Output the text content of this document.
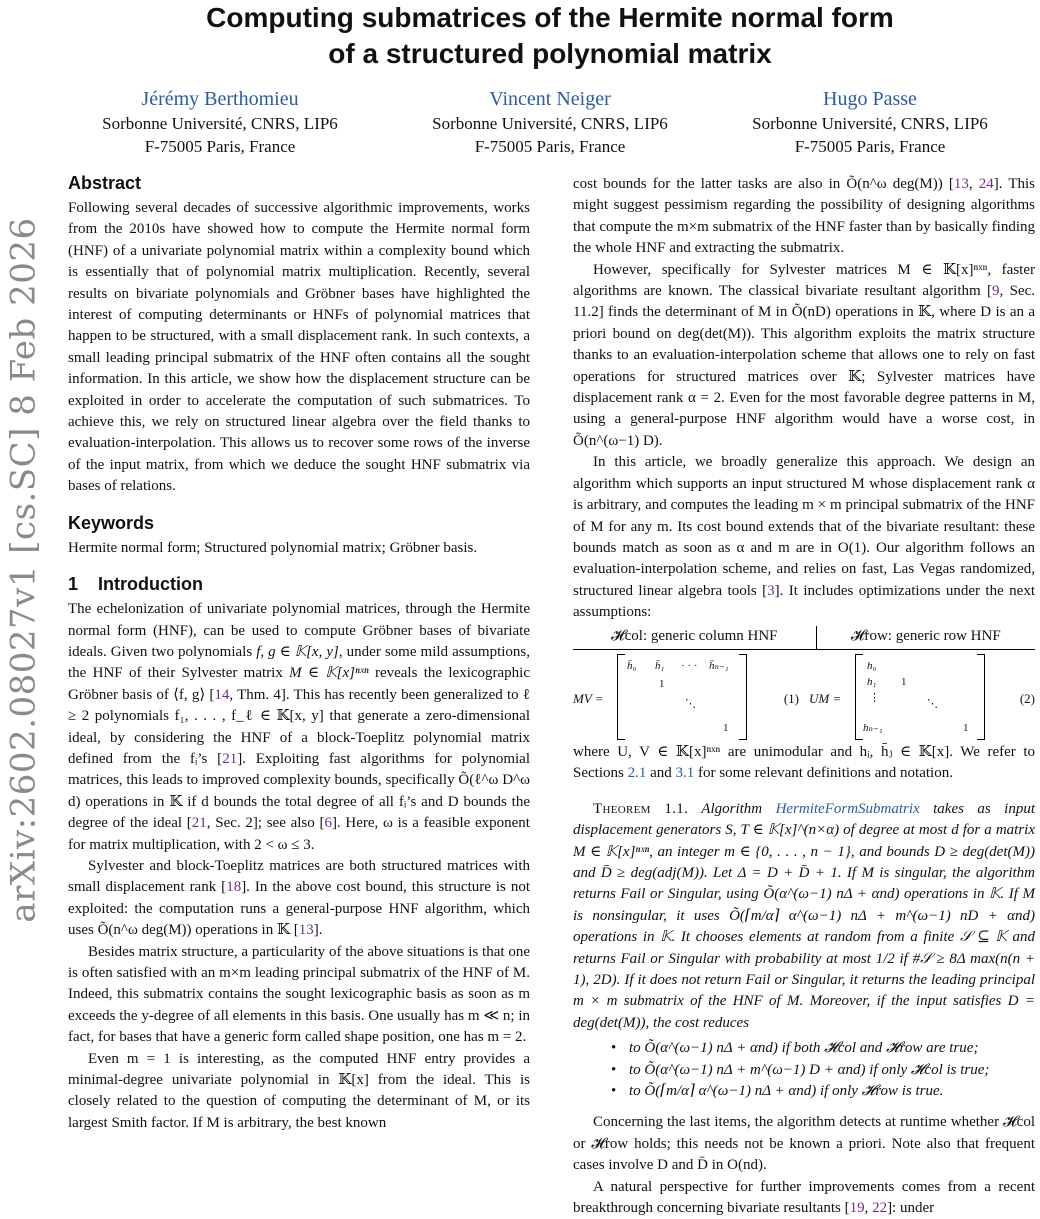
arXiv:2602.08027v1 [cs.SC] 8 Feb 2026
Computing submatrices of the Hermite normal form
of a structured polynomial matrix
Jérémy Berthomieu
Sorbonne Université, CNRS, LIP6
F-75005 Paris, France
Vincent Neiger
Sorbonne Université, CNRS, LIP6
F-75005 Paris, France
Hugo Passe
Sorbonne Université, CNRS, LIP6
F-75005 Paris, France
Abstract

Following several decades of successive algorithmic improvements, works from the 2010s have showed how to compute the Hermite normal form (HNF) of a univariate polynomial matrix within a complexity bound which is essentially that of polynomial matrix multiplication. Recently, several results on bivariate polynomials and Gröbner bases have highlighted the interest of computing determinants or HNFs of polynomial matrices that happen to be structured, with a small displacement rank. In such contexts, a small leading principal submatrix of the HNF often contains all the sought information. In this article, we show how the displacement structure can be exploited in order to accelerate the computation of such submatrices. To achieve this, we rely on structured linear algebra over the field thanks to evaluation-interpolation. This allows us to recover some rows of the inverse of the input matrix, from which we deduce the sought HNF submatrix via bases of relations.

Keywords

Hermite normal form; Structured polynomial matrix; Gröbner basis.

1    Introduction

The echelonization of univariate polynomial matrices, through the Hermite normal form (HNF), can be used to compute Gröbner bases of bivariate ideals. Given two polynomials f, g ∈ 𝕂[x, y], under some mild assumptions, the HNF of their Sylvester matrix M ∈ 𝕂[x]ⁿˣⁿ reveals the lexicographic Gröbner basis of ⟨f, g⟩ [14, Thm. 4]. This has recently been generalized to ℓ ≥ 2 polynomials f₁, . . . , f_ℓ ∈ 𝕂[x, y] that generate a zero-dimensional ideal, by considering the HNF of a block-Toeplitz polynomial matrix defined from the fᵢ’s [21]. Exploiting fast algorithms for polynomial matrices, this leads to improved complexity bounds, specifically Õ(ℓ^ω D^ω d) operations in 𝕂 if d bounds the total degree of all fᵢ’s and D bounds the degree of the ideal [21, Sec. 2]; see also [6]. Here, ω is a feasible exponent for matrix multiplication, with 2 < ω ≤ 3.

Sylvester and block-Toeplitz matrices are both structured matrices with small displacement rank [18]. In the above cost bound, this structure is not exploited: the computation runs a general-purpose HNF algorithm, which uses Õ(n^ω deg(M)) operations in 𝕂 [13].

Besides matrix structure, a particularity of the above situations is that one is often satisfied with an m×m leading principal submatrix of the HNF of M. Indeed, this submatrix contains the sought lexicographic basis as soon as m exceeds the y-degree of all elements in this basis. One usually has m ≪ n; in fact, for bases that have a generic form called shape position, one has m = 2.

Even m = 1 is interesting, as the computed HNF entry provides a minimal-degree univariate polynomial in 𝕂[x] from the ideal. This is closely related to the question of computing the determinant of M, or its largest Smith factor. If M is arbitrary, the best known

cost bounds for the latter tasks are also in Õ(n^ω deg(M)) [13, 24]. This might suggest pessimism regarding the possibility of designing algorithms that compute the m×m submatrix of the HNF faster than by basically finding the whole HNF and extracting the submatrix.

However, specifically for Sylvester matrices M ∈ 𝕂[x]ⁿˣⁿ, faster algorithms are known. The classical bivariate resultant algorithm [9, Sec. 11.2] finds the determinant of M in Õ(nD) operations in 𝕂, where D is an a priori bound on deg(det(M)). This algorithm exploits the matrix structure thanks to an evaluation-interpolation scheme that allows one to rely on fast operations for structured matrices over 𝕂; Sylvester matrices have displacement rank α = 2. Even for the most favorable degree patterns in M, using a general-purpose HNF algorithm would have a worse cost, in Õ(n^(ω−1) D).

In this article, we broadly generalize this approach. We design an algorithm which supports an input structured M whose displacement rank α is arbitrary, and computes the leading m × m principal submatrix of the HNF of M for any m. Its cost bound extends that of the bivariate resultant: these bounds match as soon as α and m are in O(1). Our algorithm follows an evaluation-interpolation scheme, and relies on fast, Las Vegas randomized, structured linear algebra tools [3]. It includes optimizations under the next assumptions:

𝓗col: generic column HNF	𝓗row: generic row HNF
MV =
h̄₀ h̄₁ · · · h̄ₙ₋₁
1
⋱
1
(1) UM =
h₀
h₁ 1
⋮	⋱
hₙ₋₁	1
(2)

where U, V ∈ 𝕂[x]ⁿˣⁿ are unimodular and hᵢ, h̄ⱼ ∈ 𝕂[x]. We refer to Sections 2.1 and 3.1 for some relevant definitions and notation.

Theorem 1.1. Algorithm HermiteFormSubmatrix takes as input displacement generators S, T ∈ 𝕂[x]^(n×α) of degree at most d for a matrix M ∈ 𝕂[x]ⁿˣⁿ, an integer m ∈ {0, . . . , n − 1}, and bounds D ≥ deg(det(M)) and D̄ ≥ deg(adj(M)). Let Δ = D + D̄ + 1. If M is singular, the algorithm returns Fail or Singular, using Õ(α^(ω−1) nΔ + αnd) operations in 𝕂. If M is nonsingular, it uses Õ(⌈m/α⌉ α^(ω−1) nΔ + m^(ω−1) nD + αnd) operations in 𝕂. It chooses elements at random from a finite 𝒮 ⊆ 𝕂 and returns Fail or Singular with probability at most 1/2 if #𝒮 ≥ 8Δ max(n(n + 1), 2D). If it does not return Fail or Singular, it returns the leading principal m × m submatrix of the HNF of M. Moreover, if the input satisfies D = deg(det(M)), the cost reduces

• to Õ(α^(ω−1) nΔ + αnd) if both 𝓗col and 𝓗row are true;
• to Õ(α^(ω−1) nΔ + m^(ω−1) D + αnd) if only 𝓗col is true;
• to Õ(⌈m/α⌉ α^(ω−1) nΔ + αnd) if only 𝓗row is true.

Concerning the last items, the algorithm detects at runtime whether 𝓗col or 𝓗row holds; this needs not be known a priori. Note also that frequent cases involve D and D̄ in O(nd).

A natural perspective for further improvements comes from a recent breakthrough concerning bivariate resultants [19, 22]: under
